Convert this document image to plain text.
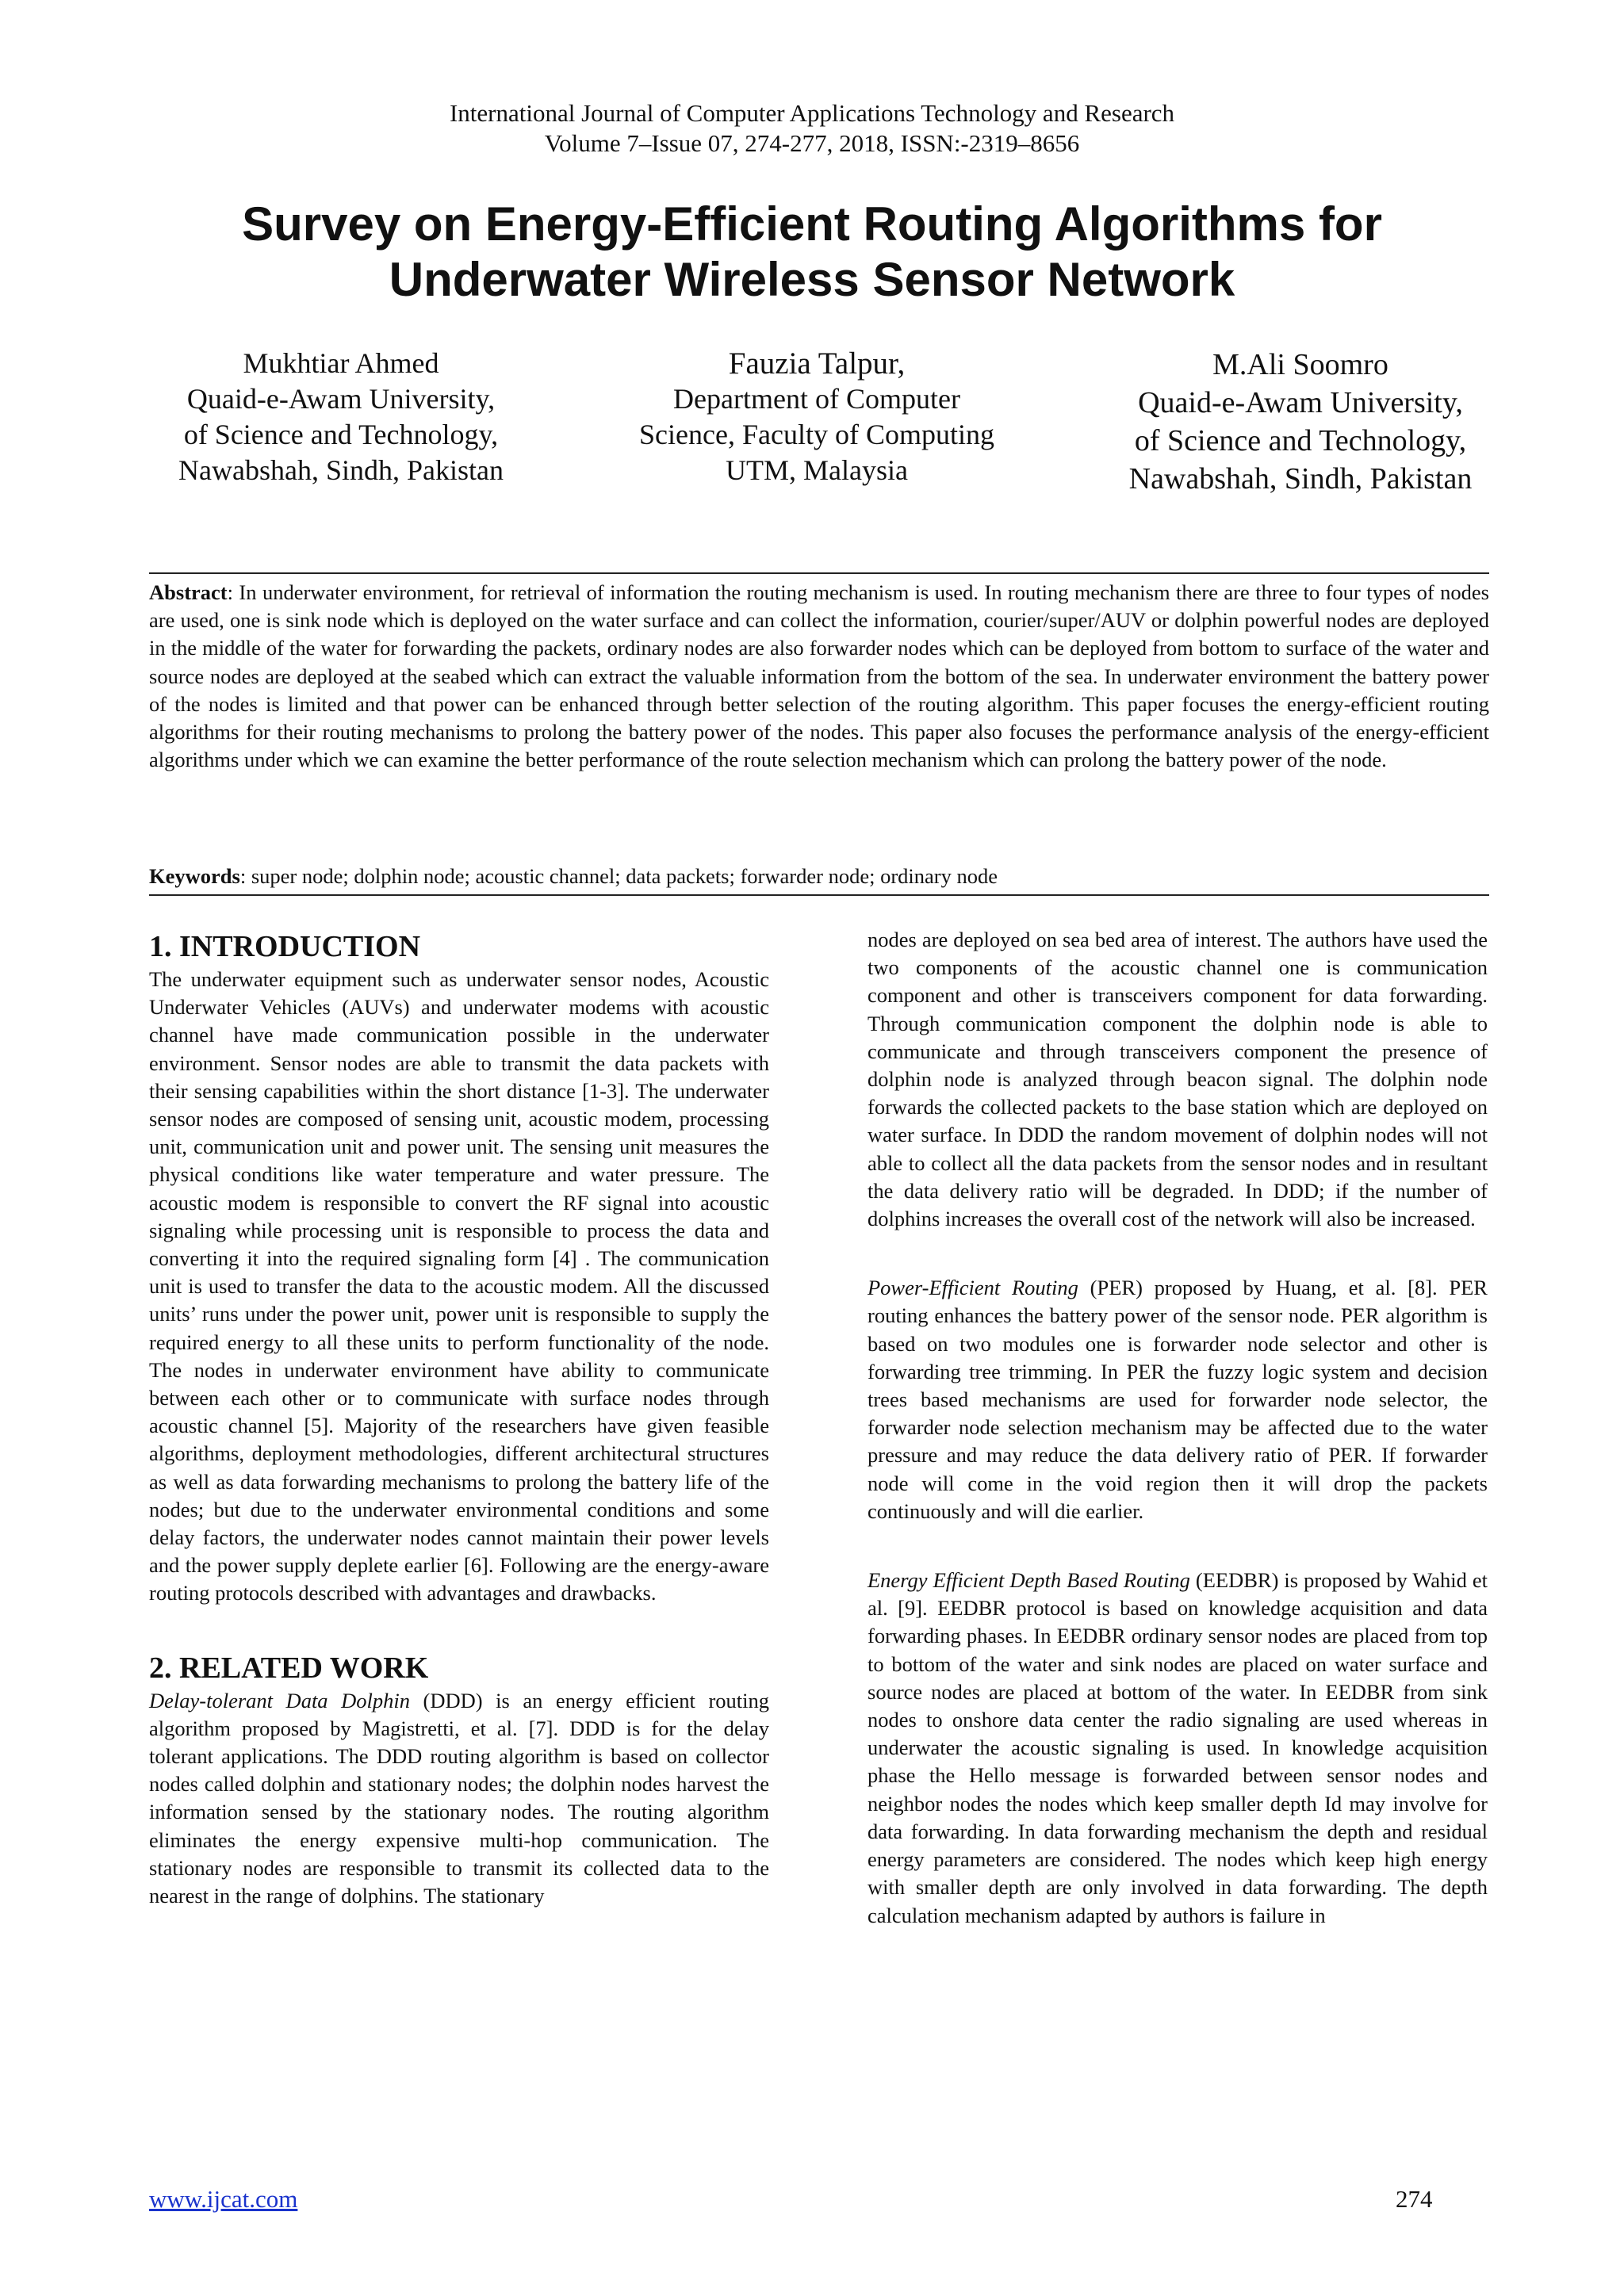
International Journal of Computer Applications Technology and Research
Volume 7–Issue 07, 274-277, 2018, ISSN:-2319–8656
Survey on Energy-Efficient Routing Algorithms for
Underwater Wireless Sensor Network
Mukhtiar Ahmed
Quaid-e-Awam University,
of Science and Technology,
Nawabshah, Sindh, Pakistan
Fauzia Talpur,
Department of Computer
Science, Faculty of Computing
UTM, Malaysia
M.Ali Soomro
Quaid-e-Awam University,
of Science and Technology,
Nawabshah, Sindh, Pakistan
Abstract: In underwater environment, for retrieval of information the routing mechanism is used. In routing mechanism there are three to four types of nodes are used, one is sink node which is deployed on the water surface and can collect the information, courier/super/AUV or dolphin powerful nodes are deployed in the middle of the water for forwarding the packets, ordinary nodes are also forwarder nodes which can be deployed from bottom to surface of the water and source nodes are deployed at the seabed which can extract the valuable information from the bottom of the sea. In underwater environment the battery power of the nodes is limited and that power can be enhanced through better selection of the routing algorithm. This paper focuses the energy-efficient routing algorithms for their routing mechanisms to prolong the battery power of the nodes. This paper also focuses the performance analysis of the energy-efficient algorithms under which we can examine the better performance of the route selection mechanism which can prolong the battery power of the node.
Keywords: super node; dolphin node; acoustic channel; data packets; forwarder node; ordinary node

1. INTRODUCTION

The underwater equipment such as underwater sensor nodes, Acoustic Underwater Vehicles (AUVs) and underwater modems with acoustic channel have made communication possible in the underwater environment. Sensor nodes are able to transmit the data packets with their sensing capabilities within the short distance [1-3]. The underwater sensor nodes are composed of sensing unit, acoustic modem, processing unit, communication unit and power unit. The sensing unit measures the physical conditions like water temperature and water pressure. The acoustic modem is responsible to convert the RF signal into acoustic signaling while processing unit is responsible to process the data and converting it into the required signaling form [4] . The communication unit is used to transfer the data to the acoustic modem. All the discussed units’ runs under the power unit, power unit is responsible to supply the required energy to all these units to perform functionality of the node. The nodes in underwater environment have ability to communicate between each other or to communicate with surface nodes through acoustic channel [5]. Majority of the researchers have given feasible algorithms, deployment methodologies, different architectural structures as well as data forwarding mechanisms to prolong the battery life of the nodes; but due to the underwater environmental conditions and some delay factors, the underwater nodes cannot maintain their power levels and the power supply deplete earlier [6]. Following are the energy-aware routing protocols described with advantages and drawbacks.

2. RELATED WORK

Delay-tolerant Data Dolphin (DDD) is an energy efficient routing algorithm proposed by Magistretti, et al. [7]. DDD is for the delay tolerant applications. The DDD routing algorithm is based on collector nodes called dolphin and stationary nodes; the dolphin nodes harvest the information sensed by the stationary nodes. The routing algorithm eliminates the energy expensive multi-hop communication. The stationary nodes are responsible to transmit its collected data to the nearest in the range of dolphins. The stationary

nodes are deployed on sea bed area of interest. The authors have used the two components of the acoustic channel one is communication component and other is transceivers component for data forwarding. Through communication component the dolphin node is able to communicate and through transceivers component the presence of dolphin node is analyzed through beacon signal. The dolphin node forwards the collected packets to the base station which are deployed on water surface. In DDD the random movement of dolphin nodes will not able to collect all the data packets from the sensor nodes and in resultant the data delivery ratio will be degraded. In DDD; if the number of dolphins increases the overall cost of the network will also be increased.

Power-Efficient Routing (PER) proposed by Huang, et al. [8]. PER routing enhances the battery power of the sensor node. PER algorithm is based on two modules one is forwarder node selector and other is forwarding tree trimming. In PER the fuzzy logic system and decision trees based mechanisms are used for forwarder node selector, the forwarder node selection mechanism may be affected due to the water pressure and may reduce the data delivery ratio of PER. If forwarder node will come in the void region then it will drop the packets continuously and will die earlier.

Energy Efficient Depth Based Routing (EEDBR) is proposed by Wahid et al. [9]. EEDBR protocol is based on knowledge acquisition and data forwarding phases. In EEDBR ordinary sensor nodes are placed from top to bottom of the water and sink nodes are placed on water surface and source nodes are placed at bottom of the water. In EEDBR from sink nodes to onshore data center the radio signaling are used whereas in underwater the acoustic signaling is used. In knowledge acquisition phase the Hello message is forwarded between sensor nodes and neighbor nodes the nodes which keep smaller depth Id may involve for data forwarding. In data forwarding mechanism the depth and residual energy parameters are considered. The nodes which keep high energy with smaller depth are only involved in data forwarding. The depth calculation mechanism adapted by authors is failure in

www.ijcat.com	274
